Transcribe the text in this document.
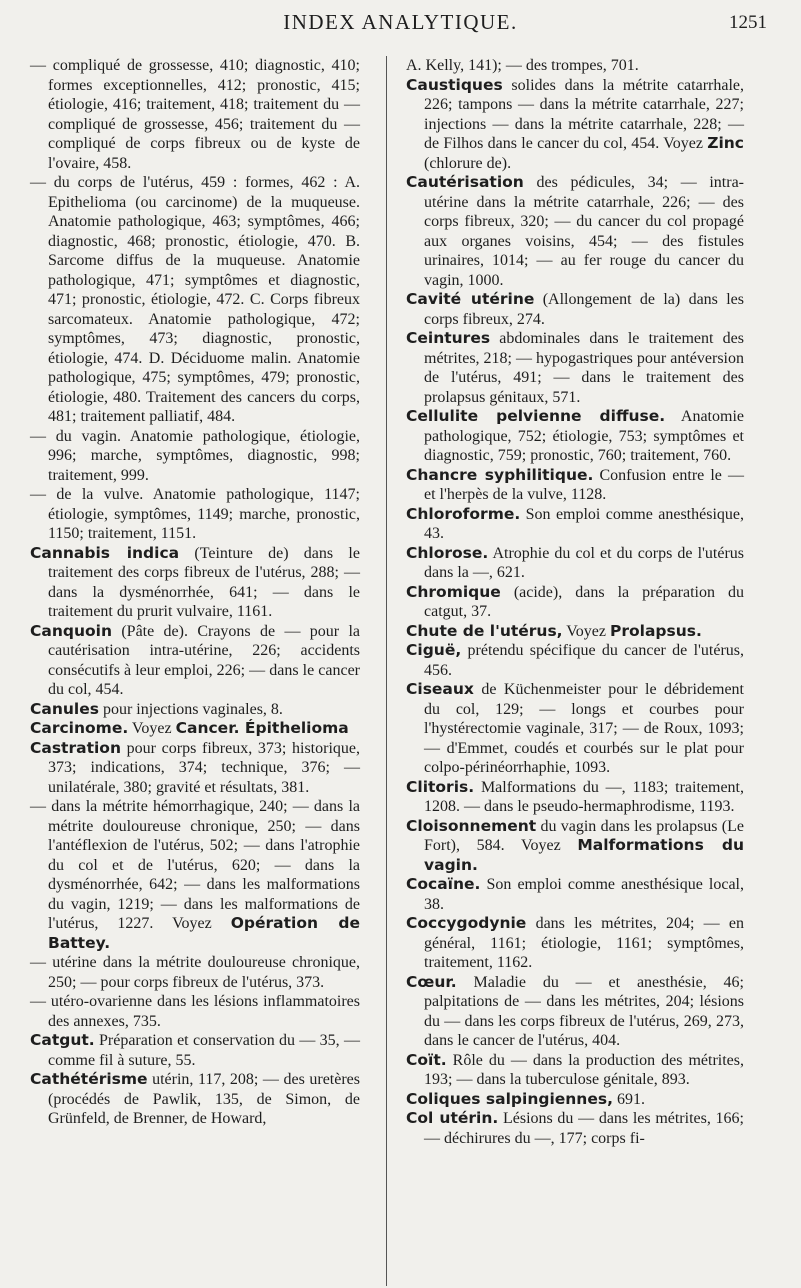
INDEX ANALYTIQUE.	1251

— compliqué de grossesse, 410; diagnostic, 410; formes exceptionnelles, 412; pronostic, 415; étiologie, 416; traitement, 418; traitement du — compliqué de grossesse, 456; traitement du — compliqué de corps fibreux ou de kyste de l'ovaire, 458.

— du corps de l'utérus, 459 : formes, 462 : A. Epithelioma (ou carcinome) de la muqueuse. Anatomie pathologique, 463; symptômes, 466; diagnostic, 468; pronostic, étiologie, 470. B. Sarcome diffus de la muqueuse. Anatomie pathologique, 471; symptômes et diagnostic, 471; pronostic, étiologie, 472. C. Corps fibreux sarcomateux. Anatomie pathologique, 472; symptômes, 473; diagnostic, pronostic, étiologie, 474. D. Déciduome malin. Anatomie pathologique, 475; symptômes, 479; pronostic, étiologie, 480. Traitement des cancers du corps, 481; traitement palliatif, 484.

— du vagin. Anatomie pathologique, étiologie, 996; marche, symptômes, diagnostic, 998; traitement, 999.

— de la vulve. Anatomie pathologique, 1147; étiologie, symptômes, 1149; marche, pronostic, 1150; traitement, 1151.

Cannabis indica (Teinture de) dans le traitement des corps fibreux de l'utérus, 288; — dans la dysménorrhée, 641; — dans le traitement du prurit vulvaire, 1161.

Canquoin (Pâte de). Crayons de — pour la cautérisation intra-utérine, 226; accidents consécutifs à leur emploi, 226; — dans le cancer du col, 454.

Canules pour injections vaginales, 8.

Carcinome. Voyez Cancer. Épithelioma

Castration pour corps fibreux, 373; historique, 373; indications, 374; technique, 376; — unilatérale, 380; gravité et résultats, 381.

— dans la métrite hémorrhagique, 240; — dans la métrite douloureuse chronique, 250; — dans l'antéflexion de l'utérus, 502; — dans l'atrophie du col et de l'utérus, 620; — dans la dysménorrhée, 642; — dans les malformations du vagin, 1219; — dans les malformations de l'utérus, 1227. Voyez Opération de Battey.

— utérine dans la métrite douloureuse chronique, 250; — pour corps fibreux de l'utérus, 373.

— utéro-ovarienne dans les lésions inflammatoires des annexes, 735.

Catgut. Préparation et conservation du — 35, — comme fil à suture, 55.

Cathétérisme utérin, 117, 208; — des uretères (procédés de Pawlik, 135, de Simon, de Grünfeld, de Brenner, de Howard,

A. Kelly, 141); — des trompes, 701.

Caustiques solides dans la métrite catarrhale, 226; tampons — dans la métrite catarrhale, 227; injections — dans la métrite catarrhale, 228; — de Filhos dans le cancer du col, 454. Voyez Zinc (chlorure de).

Cautérisation des pédicules, 34; — intra-utérine dans la métrite catarrhale, 226; — des corps fibreux, 320; — du cancer du col propagé aux organes voisins, 454; — des fistules urinaires, 1014; — au fer rouge du cancer du vagin, 1000.

Cavité utérine (Allongement de la) dans les corps fibreux, 274.

Ceintures abdominales dans le traitement des métrites, 218; — hypogastriques pour antéversion de l'utérus, 491; — dans le traitement des prolapsus génitaux, 571.

Cellulite pelvienne diffuse. Anatomie pathologique, 752; étiologie, 753; symptômes et diagnostic, 759; pronostic, 760; traitement, 760.

Chancre syphilitique. Confusion entre le — et l'herpès de la vulve, 1128.

Chloroforme. Son emploi comme anesthésique, 43.

Chlorose. Atrophie du col et du corps de l'utérus dans la —, 621.

Chromique (acide), dans la préparation du catgut, 37.

Chute de l'utérus, Voyez Prolapsus.

Ciguë, prétendu spécifique du cancer de l'utérus, 456.

Ciseaux de Küchenmeister pour le débridement du col, 129; — longs et courbes pour l'hystérectomie vaginale, 317; — de Roux, 1093; — d'Emmet, coudés et courbés sur le plat pour colpo-périnéorrhaphie, 1093.

Clitoris. Malformations du —, 1183; traitement, 1208. — dans le pseudo-hermaphrodisme, 1193.

Cloisonnement du vagin dans les prolapsus (Le Fort), 584. Voyez Malformations du vagin.

Cocaïne. Son emploi comme anesthésique local, 38.

Coccygodynie dans les métrites, 204; — en général, 1161; étiologie, 1161; symptômes, traitement, 1162.

Cœur. Maladie du — et anesthésie, 46; palpitations de — dans les métrites, 204; lésions du — dans les corps fibreux de l'utérus, 269, 273, dans le cancer de l'utérus, 404.

Coït. Rôle du — dans la production des métrites, 193; — dans la tuberculose génitale, 893.

Coliques salpingiennes, 691.

Col utérin. Lésions du — dans les métrites, 166; — déchirures du —, 177; corps fi-
